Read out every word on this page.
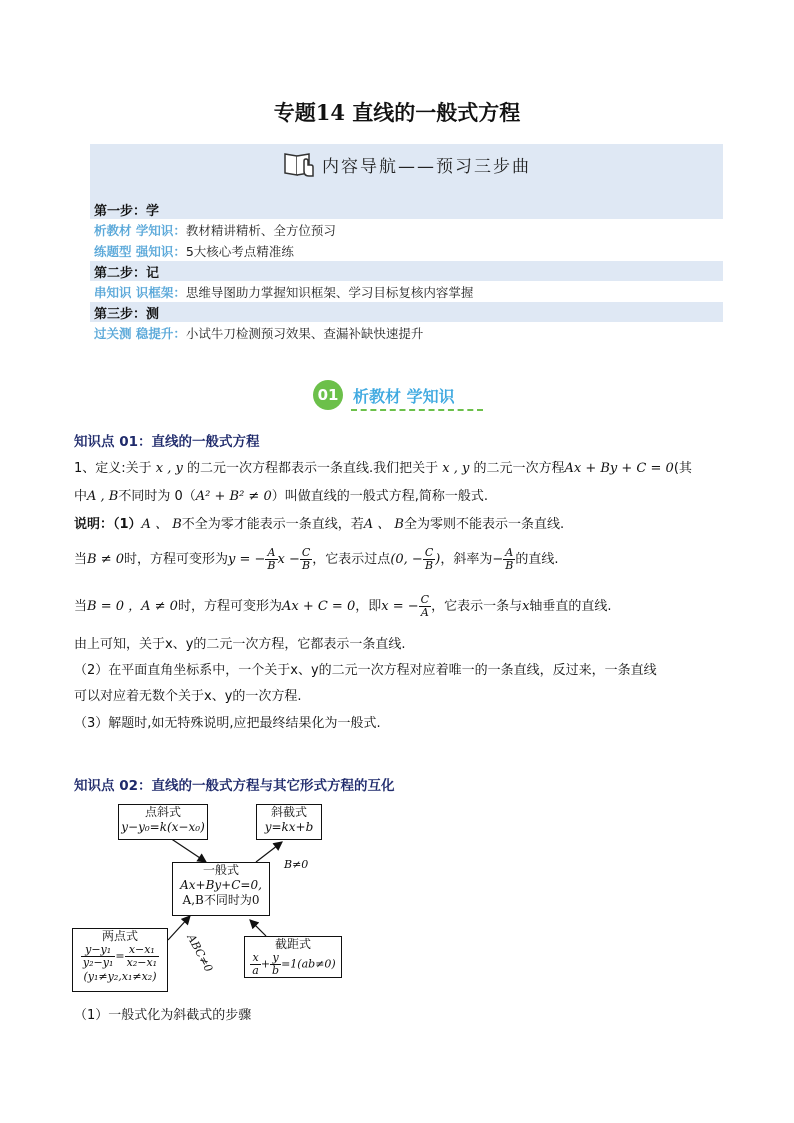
专题14 直线的一般式方程
内容导航——预习三步曲
第一步：学
析教材 学知识： 教材精讲精析、全方位预习
练题型 强知识： 5大核心考点精准练
第二步：记
串知识 识框架： 思维导图助力掌握知识框架、学习目标复核内容掌握
第三步：测
过关测 稳提升： 小试牛刀检测预习效果、查漏补缺快速提升
01 析教材 学知识
知识点 01：直线的一般式方程
1、定义:关于 x , y 的二元一次方程都表示一条直线.我们把关于 x , y 的二元一次方程Ax + By + C = 0(其
中A , B不同时为 0（A² + B² ≠ 0）叫做直线的一般式方程,简称一般式.
说明：（1）A 、 B不全为零才能表示一条直线，若A 、 B全为零则不能表示一条直线.
当B ≠ 0时，方程可变形为y = − $\frac{A}{B}$ $x - \frac{C}{B}$ ，它表示过点(0, − $\frac{C}{B}$ )，斜率为− $\frac{A}{B}$ 的直线.
当B = 0 ，A ≠ 0时，方程可变形为Ax + C = 0，即x = − $\frac{C}{A}$ ，它表示一条与x轴垂直的直线.
由上可知，关于x、y的二元一次方程，它都表示一条直线.
（2）在平面直角坐标系中，一个关于x、y的二元一次方程对应着唯一的一条直线，反过来，一条直线
可以对应着无数个关于x、y的一次方程.
（3）解题时,如无特殊说明,应把最终结果化为一般式.
知识点 02：直线的一般式方程与其它形式方程的互化
点斜式
y−y₀=k(x−x₀)
斜截式
y=kx+b
一般式
Ax+By+C=0,
A,B不同时为0
两点式
$\frac{\text{y−y₁}}{\text{y₂−y₁}} = \frac{\text{x−x₁}}{\text{x₂−x₁}}$
(y₁≠y₂,x₁≠x₂)
截距式
$\frac{x}{a} + \frac{y}{b} =1(ab\ne 0)$
B≠0
ABC≠0
（1）一般式化为斜截式的步骤
